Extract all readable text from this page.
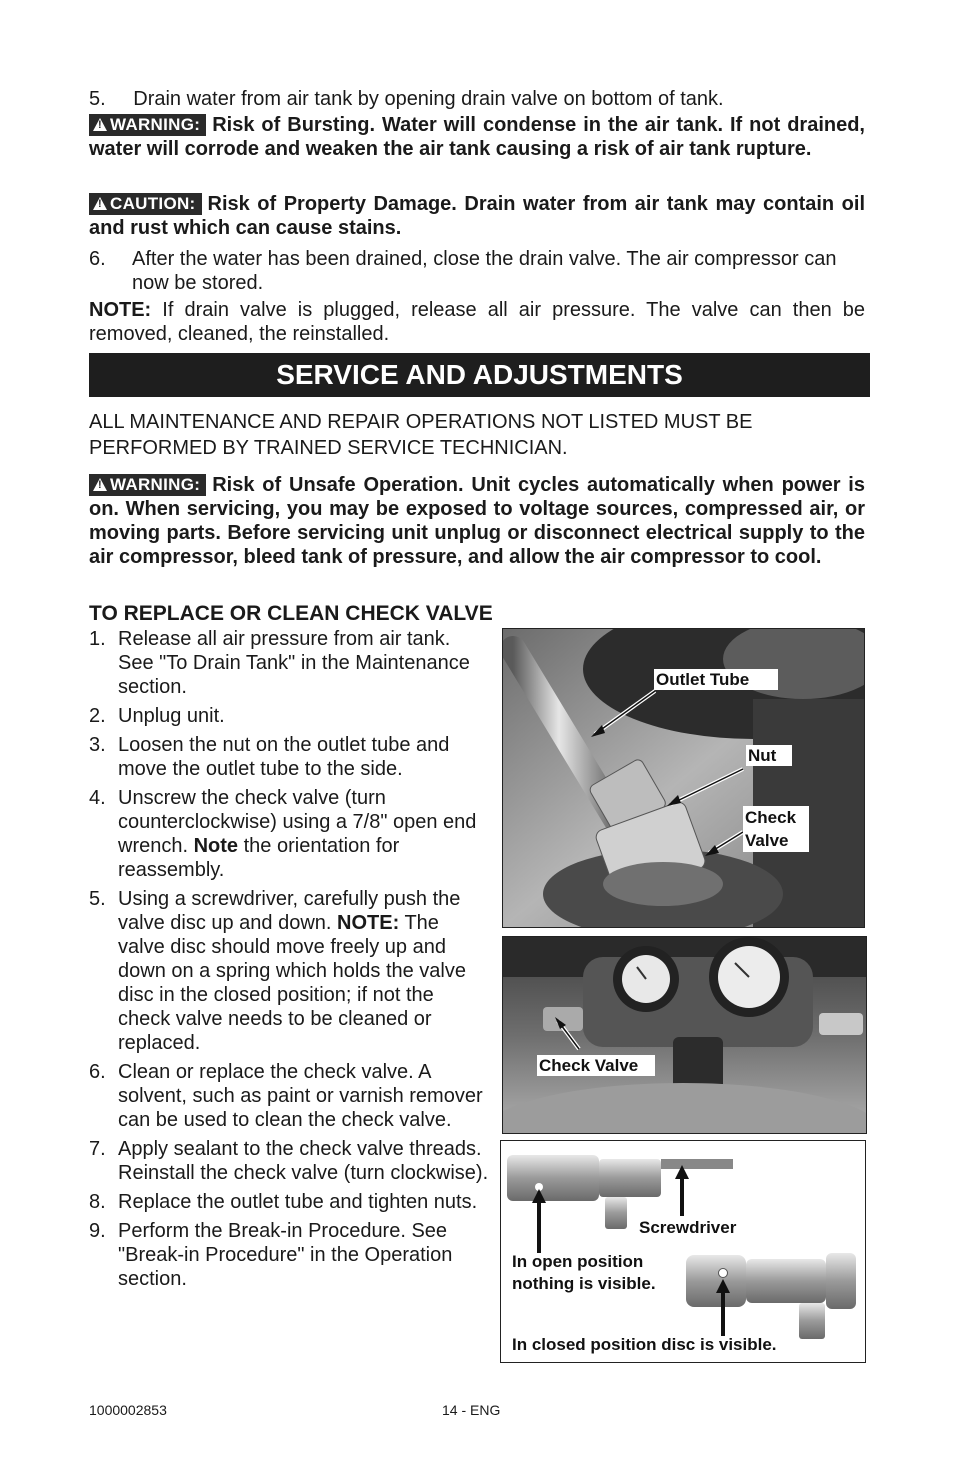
5. Drain water from air tank by opening drain valve on bottom of tank.
!WARNING: Risk of Bursting. Water will condense in the air tank. If not drained, water will corrode and weaken the air tank causing a risk of air tank rupture.
!CAUTION: Risk of Property Damage. Drain water from air tank may contain oil and rust which can cause stains.
6. After the water has been drained, close the drain valve. The air compressor can now be stored.
NOTE: If drain valve is plugged, release all air pressure. The valve can then be removed, cleaned, the reinstalled.
SERVICE AND ADJUSTMENTS
ALL MAINTENANCE AND REPAIR OPERATIONS NOT LISTED MUST BE PERFORMED BY TRAINED SERVICE TECHNICIAN.
!WARNING: Risk of Unsafe Operation. Unit cycles automatically when power is on. When servicing, you may be exposed to voltage sources, compressed air, or moving parts. Before servicing unit unplug or disconnect electrical supply to the air compressor, bleed tank of pressure, and allow the air compressor to cool.
TO REPLACE OR CLEAN CHECK VALVE
1. Release all air pressure from air tank. See "To Drain Tank" in the Maintenance section.
2. Unplug unit.
3. Loosen the nut on the outlet tube and move the outlet tube to the side.
4. Unscrew the check valve (turn counterclockwise) using a 7/8" open end wrench. Note the orientation for reassembly.
5. Using a screwdriver, carefully push the valve disc up and down. NOTE: The valve disc should move freely up and down on a spring which holds the valve disc in the closed position; if not the check valve needs to be cleaned or replaced.
6. Clean or replace the check valve. A solvent, such as paint or varnish remover can be used to clean the check valve.
7. Apply sealant to the check valve threads. Reinstall the check valve (turn clockwise).
8. Replace the outlet tube and tighten nuts.
9. Perform the Break-in Procedure. See "Break-in Procedure" in the Operation section.
Outlet Tube
Nut
Check Valve
Check Valve
Screwdriver
In open position nothing is visible.
In closed position disc is visible.
1000002853	14 - ENG
